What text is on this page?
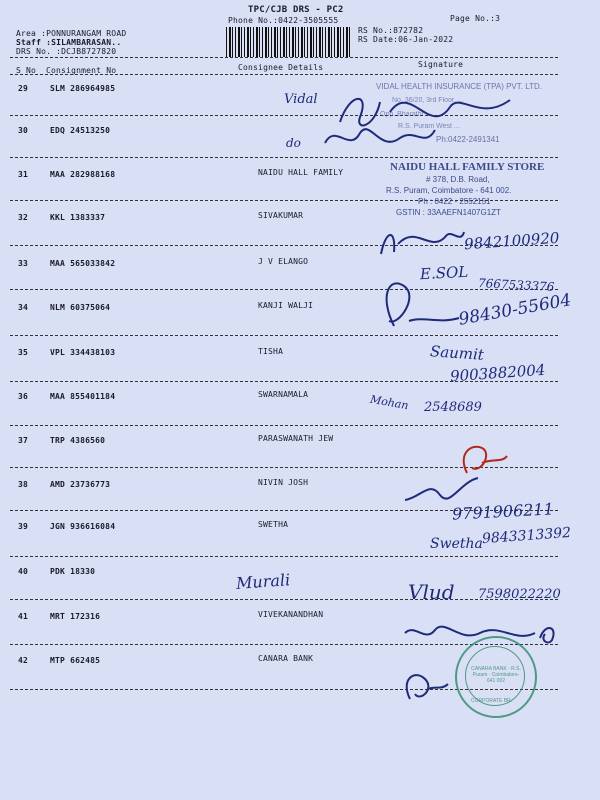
TPC/CJB DRS - PC2
Phone No.:0422-3505555	Page No.:3
Area :PONNURANGAM ROAD
Staff :SILAMBARASAN..
DRS No. :DCJB8727820
RS No.:872782
RS Date:06-Jan-2022
S No Consignment No	Consignee Details	Signature
29	SLM 286964985
30	EDQ 24513250
31	MAA 282988168	NAIDU HALL FAMILY
32	KKL 1383337	SIVAKUMAR
33	MAA 565033842	J V ELANGO
34	NLM 60375064	KANJI WALJI
35	VPL 334438103	TISHA
36	MAA 855401184	SWARNAMALA
37	TRP 4386560	PARASWANATH JEW
38	AMD 23736773	NIVIN JOSH
39	JGN 936616084	SWETHA
40	PDK 18330
41	MRT 172316	VIVEKANANDHAN
42	MTP 662485	CANARA BANK
VIDAL HEALTH INSURANCE (TPA) PVT. LTD.
No. 36/20, 3rd Floor, ...
Opp. Bharathi ...
R.S. Puram West ...
Ph:0422-2491341
NAIDU HALL FAMILY STORE
# 378, D.B. Road,
R.S. Puram, Coimbatore - 641 002.
Ph : 0422 - 2552151
GSTIN : 33AAEFN1407G1ZT
CANARA BANK · R.S. Puram · Coimbatore-641 002
CORPORATE BR.
Vidal
do
9842100920
E.SOL
7667533376
98430-55604
Saumit
9003882004
Mohan 2548689
9791906211
Swetha
9843313392
Murali	Vlud 7598022220
